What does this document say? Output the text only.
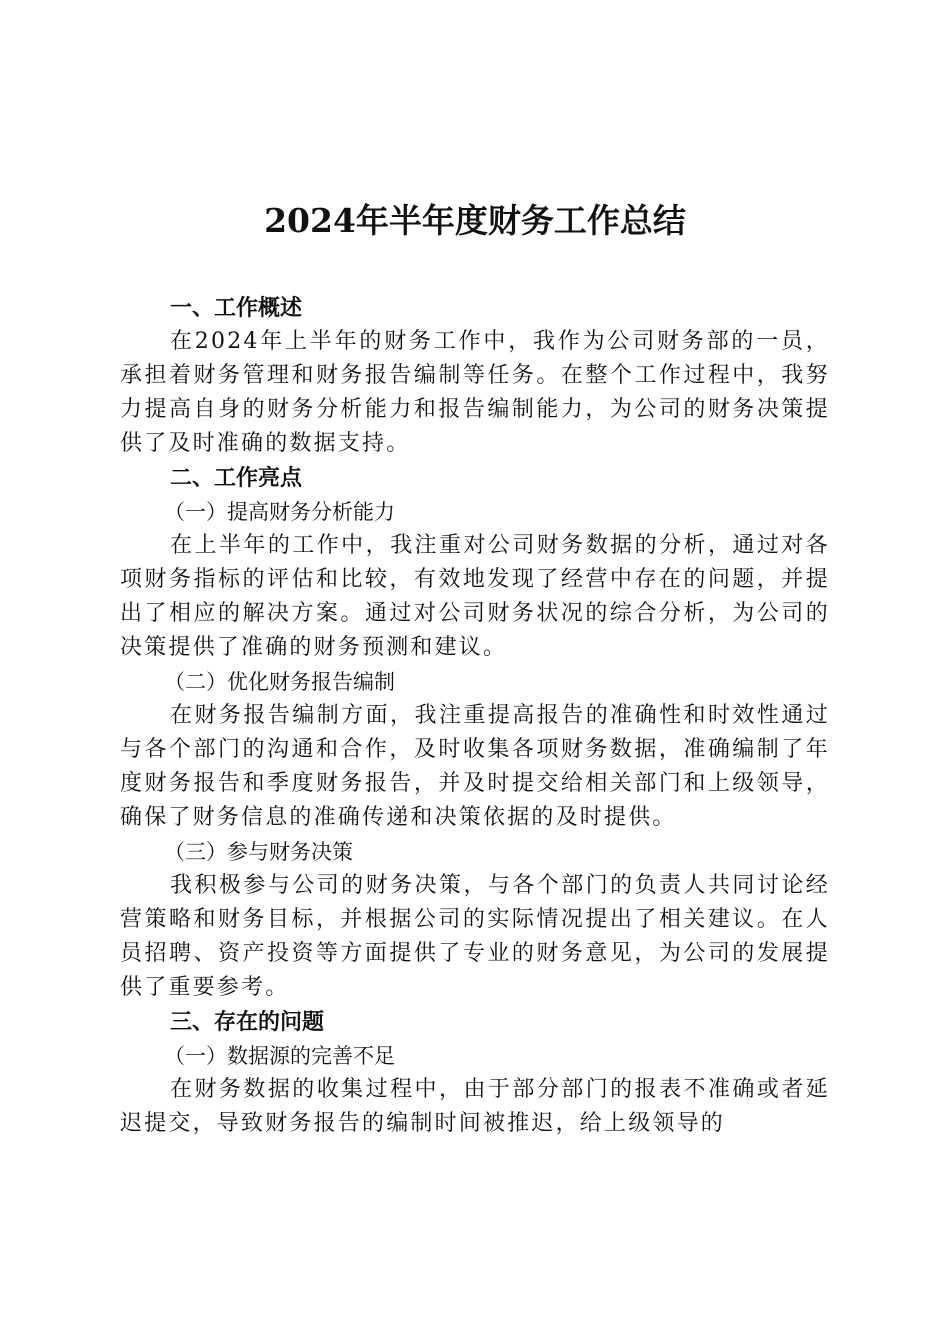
2024年半年度财务工作总结

一、工作概述

在2024年上半年的财务工作中，我作为公司财务部的一员，承担着财务管理和财务报告编制等任务。在整个工作过程中，我努力提高自身的财务分析能力和报告编制能力，为公司的财务决策提供了及时准确的数据支持。

二、工作亮点

（一）提高财务分析能力

在上半年的工作中，我注重对公司财务数据的分析，通过对各项财务指标的评估和比较，有效地发现了经营中存在的问题，并提出了相应的解决方案。通过对公司财务状况的综合分析，为公司的决策提供了准确的财务预测和建议。

（二）优化财务报告编制

在财务报告编制方面，我注重提高报告的准确性和时效性通过与各个部门的沟通和合作，及时收集各项财务数据，准确编制了年度财务报告和季度财务报告，并及时提交给相关部门和上级领导，确保了财务信息的准确传递和决策依据的及时提供。

（三）参与财务决策

我积极参与公司的财务决策，与各个部门的负责人共同讨论经营策略和财务目标，并根据公司的实际情况提出了相关建议。在人员招聘、资产投资等方面提供了专业的财务意见，为公司的发展提供了重要参考。

三、存在的问题

（一）数据源的完善不足

在财务数据的收集过程中，由于部分部门的报表不准确或者延迟提交，导致财务报告的编制时间被推迟，给上级领导的
